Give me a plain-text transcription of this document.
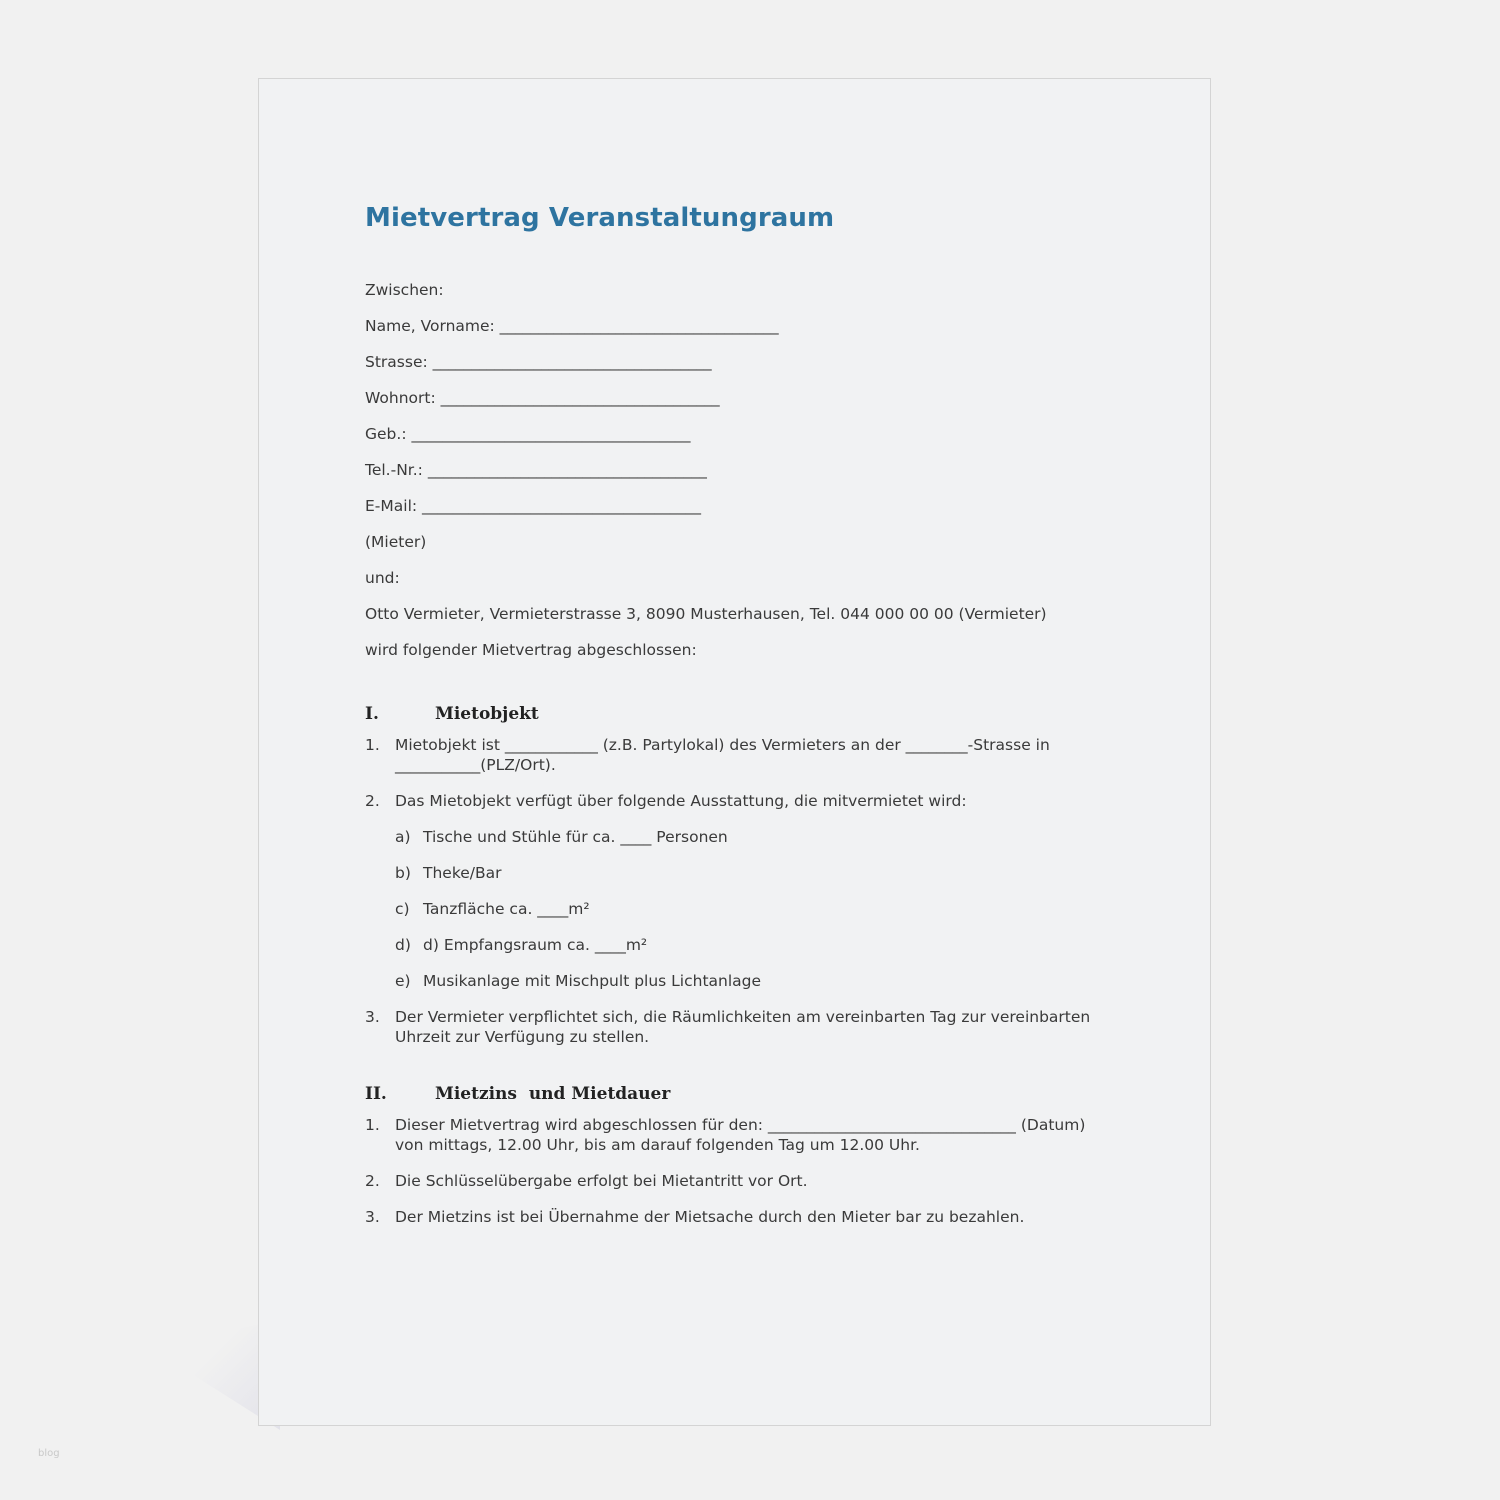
Mietvertrag Veranstaltungraum
Zwischen:
Name, Vorname: ____________________________________
Strasse: ____________________________________
Wohnort: ____________________________________
Geb.: ____________________________________
Tel.-Nr.: ____________________________________
E-Mail: ____________________________________
(Mieter)
und:
Otto Vermieter, Vermieterstrasse 3, 8090 Musterhausen, Tel. 044 000 00 00 (Vermieter)
wird folgender Mietvertrag abgeschlossen:
I.	Mietobjekt
1. Mietobjekt ist ____________ (z.B. Partylokal) des Vermieters an der ________-Strasse in ___________(PLZ/Ort).
2. Das Mietobjekt verfügt über folgende Ausstattung, die mitvermietet wird:
a) Tische und Stühle für ca. ____ Personen
b) Theke/Bar
c) Tanzfläche ca. ____m²
d) d) Empfangsraum ca. ____m²
e) Musikanlage mit Mischpult plus Lichtanlage
3. Der Vermieter verpflichtet sich, die Räumlichkeiten am vereinbarten Tag zur vereinbarten Uhrzeit zur Verfügung zu stellen.
II.	Mietzins  und Mietdauer
1. Dieser Mietvertrag wird abgeschlossen für den: ________________________________ (Datum) von mittags, 12.00 Uhr, bis am darauf folgenden Tag um 12.00 Uhr.
2. Die Schlüsselübergabe erfolgt bei Mietantritt vor Ort.
3. Der Mietzins ist bei Übernahme der Mietsache durch den Mieter bar zu bezahlen.
blog
